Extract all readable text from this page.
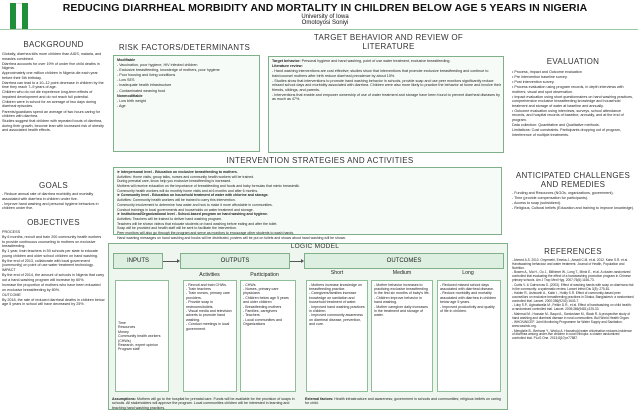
REDUCING DIARRHEAL MORBIDITY AND MORTALITY IN CHILDREN BELOW AGE 5 YEARS IN NIGERIA
University of Iowa
Omotoyosi Soniyi
BACKGROUND

Globally, diarrhea kills more children than AIDS, malaria, and measles combined.

Diarrhea accounts for over 19% of under five child deaths in Nigeria.

Approximately one million children in Nigeria die each year before their 5th birthday.

Diarrhea can lead to a 10–12 point decrease in children by the time they reach 7–9 years of age.

Children who do not die experience long-term effects of impaired development and do not reach full potential.

Children were in school for an average of two days during diarrheal episodes.

Parents/guardians spend an average of two hours caring for children with diarrhea.

Studies suggest that children with repeated bouts of diarrhea, during their growth, become lean with increased risk of obesity and associated health effects.

GOALS

- Reduce annual rate of diarrhea morbidity and mortality associated with diarrhea in children under five.

- Improve hand washing and personal hygiene behaviors in children under five.

OBJECTIVES

PROCESS

By 6 months, recruit and train 200 community health workers to provide continuous counseling to mothers on exclusive breastfeeding.

By 1 year, train teachers in 50 schools per state to educate young children and older school children on hand washing.

By the end of 2013, collaborate with local government (community) on point of use water treatment technology.

IMPACT

By the end of 2014, the amount of schools in Nigeria that carry out a hand-washing program will increase by 60%.

Increase the proportion of mothers who have been educated on exclusive breastfeeding by 80%.

OUTCOME

By 2018, the rate of reduced diarrheal deaths in children below age 5 years in school will have decreased by 25%.

RISK FACTORS/DETERMINANTS

Modifiable

- Vaccination, poor hygiene, HIV infected children

- Exclusive breastfeeding, knowledge of mothers, poor hygiene

- Poor housing and living conditions

- Low SES

- Inadequate health infrastructure

- Contaminated weaning food

Nonmodifiable

- Low birth weight

- Age

TARGET BEHAVIOR AND REVIEW OF LITERATURE

Target behavior: Personal hygiene and hand washing, point of use water treatment, exclusive breastfeeding.

Literature review:

- Hand washing interventions are cost effective; studies show that interventions that promote exclusive breastfeeding and continue to train/counsel mothers after birth reduce diarrheal prevalence by about 15%.

- Studies show that interventions to promote hand washing behavior in schools, provide soap and use peer monitors significantly reduce missed school days and morbidity associated with diarrhea. Children were also more likely to practice the behavior at home and involve their friends, siblings, and parents.

- Interventions that enable and empower ownership of use of water treatment and storage have been found to prevent diarrheal diseases by as much as 47%.

EVALUATION

• Process, Impact and Outcome evaluation

• Pre intervention baseline survey.

• Post intervention survey.

• Process evaluation using program records, in depth interviews with mothers, visual and spot observation.

• Impact evaluation using short questionnaires on hand washing practices, comprehensive exclusive breastfeeding knowledge and household treatment and storage of water at baseline and annually.

• Outcome evaluation using interviews, surveys, school attendance records, and hospital records of baseline, annually, and at the end of program.

Data collection: Quantitative and Qualitative methods.

Limitations: Cost constraints. Participants dropping out of program, Interference of multiple treatments.

INTERVENTION STRATEGIES AND ACTIVITIES

➤ Interpersonal level - Education on exclusive breastfeeding to mothers.

Activities: Home visits, group talks, nurses and community health workers will be trained.

During prenatal care, know help you exclusive breastfeeding is increased.

Mothers will receive education on the importance of breastfeeding and foods and baby formulas that mimic breastmilk.

Community health workers will do monthly home visits and at 6 months and after 6 months.

➤ Community level - Education on household treatment of water with chlorine and storage.

Activities: Community health workers will be trained to carry this intervention.

Community involvement to determine how water and how to make it more affordable in communities.

Conduct trainings in local governments and households on water treatment and storage.

➤ Institutional/Organizational level - School-based program on hand washing and hygiene.

Activities: Teachers will be trained to deliver hand washing program.

Teachers will be shown videos that educate students on hand washing before eating and after the toilet.

Soap will be provided and health staff will be sent to facilitate the intervention.

Peer monitors will also go through the program and serve as monitors to encourage other students to wash hands.

Hand washing messages on hand washing and books will be distributed, posters will be put on toilets and shows about hand washing will be shown.

ANTICIPATED CHALLENGES AND REMEDIES

- Funding and Resources (NGOs, organizations, government).

- Time (provide compensation for participants).

- Access to soap (subsidized).

- Religious, Cultural beliefs (Education and training to improve knowledge).

LOGIC MODEL
INPUTS	OUTPUTS	OUTCOMES
Activities	Participation	Short	Medium	Long
Time
Resources
Money
Community health workers (CHWs)
Research, expert opinion
Program staff
- Recruit and train CHWs.
- Train teachers
- Train nurses, primary care providers.
- Provide soap in restrooms/toilets.
- Visual media and television adverts to promote hand washing.
- Conduct meetings in local government.
- CHWs
- Nurses, primary care physicians
- Children below age 5 years and older children
- Breastfeeding mothers
- Families, caregivers
- Teachers
- Local communities and Organizations
- Mothers increase knowledge on breastfeeding practice.
- Caregivers/families increase knowledge on sanitation and household treatment of water.
- Improved hand washing practices in children.
- Improved community awareness on diarrheal disease, prevention, and cure.
- Mother behavior increases to practicing exclusive breastfeeding in the first six months of baby's life.
- Children improve behavior in hand washing.
- Mother caregiver daily increases in the treatment and storage of water.
- Reduced missed school days associated with diarrheal disease.
- Reduce morbidity and mortality associated with diarrhea in children below age 5 years.
- Improved productivity and quality of life in children.
Assumptions: Mothers will go to the hospital for prenatal care. Funds will be available for the provision of soaps in schools. All stakeholders will approve the program. Local communities children will be interested in learning and teaching hand washing practices.
External factors: Health infrastructure and awareness; government in schools and communities; religious beliefs on caring for child.
REFERENCES

- Ahmed A.S. 2010. Onyemehi, Emeka J., Amadi C.M. et al. 2012. Kahn S.R. et al. Handwashing behaviour and water treatment. Journal of Health, Population and Nutrition.

- Bowen A., Ma H., Ou J., Billhimer W., Long T., Mintz E., et al. A cluster-randomized controlled trial evaluating the effect of a handwashing promotion program in Chinese primary schools. Am J Trop Med Hyg. 2007;76(6):1166-73.

- Curtis V. & Cairncross S. (2003). Effect of washing hands with soap on diarrhoea risk in the community: a systematic review. Lancet Infect Dis 3(5): 275-81.

- Haider R., Ashworth A., Kabir I., Huttly S.R. Effect of community-based peer counsellors on exclusive breastfeeding practices in Dhaka, Bangladesh: a randomised controlled trial. Lancet. 2000;356(9242):1643-7.

- Luby S.P., Agboatwalla M., Feikin D.R., et al. Effect of handwashing on child health: a randomised controlled trial. Lancet. 2005;366(9481):225-33.

- Mahmud M., Hossain M., Baqui A., Santosham M., Black R. A prospective study of hand washing and diarrheal disease in rural communities. Bull World Health Organ.

- WHO/UNICEF. Joint Monitoring Programme for Water Supply and Sanitation. www.wssinfo.org.

- Mengistie B., Berhane Y., Worku A. Household water chlorination reduces incidence of diarrhea among under-five children in rural Ethiopia: a cluster randomized controlled trial. PLoS One. 2013;8(10):e77887.
